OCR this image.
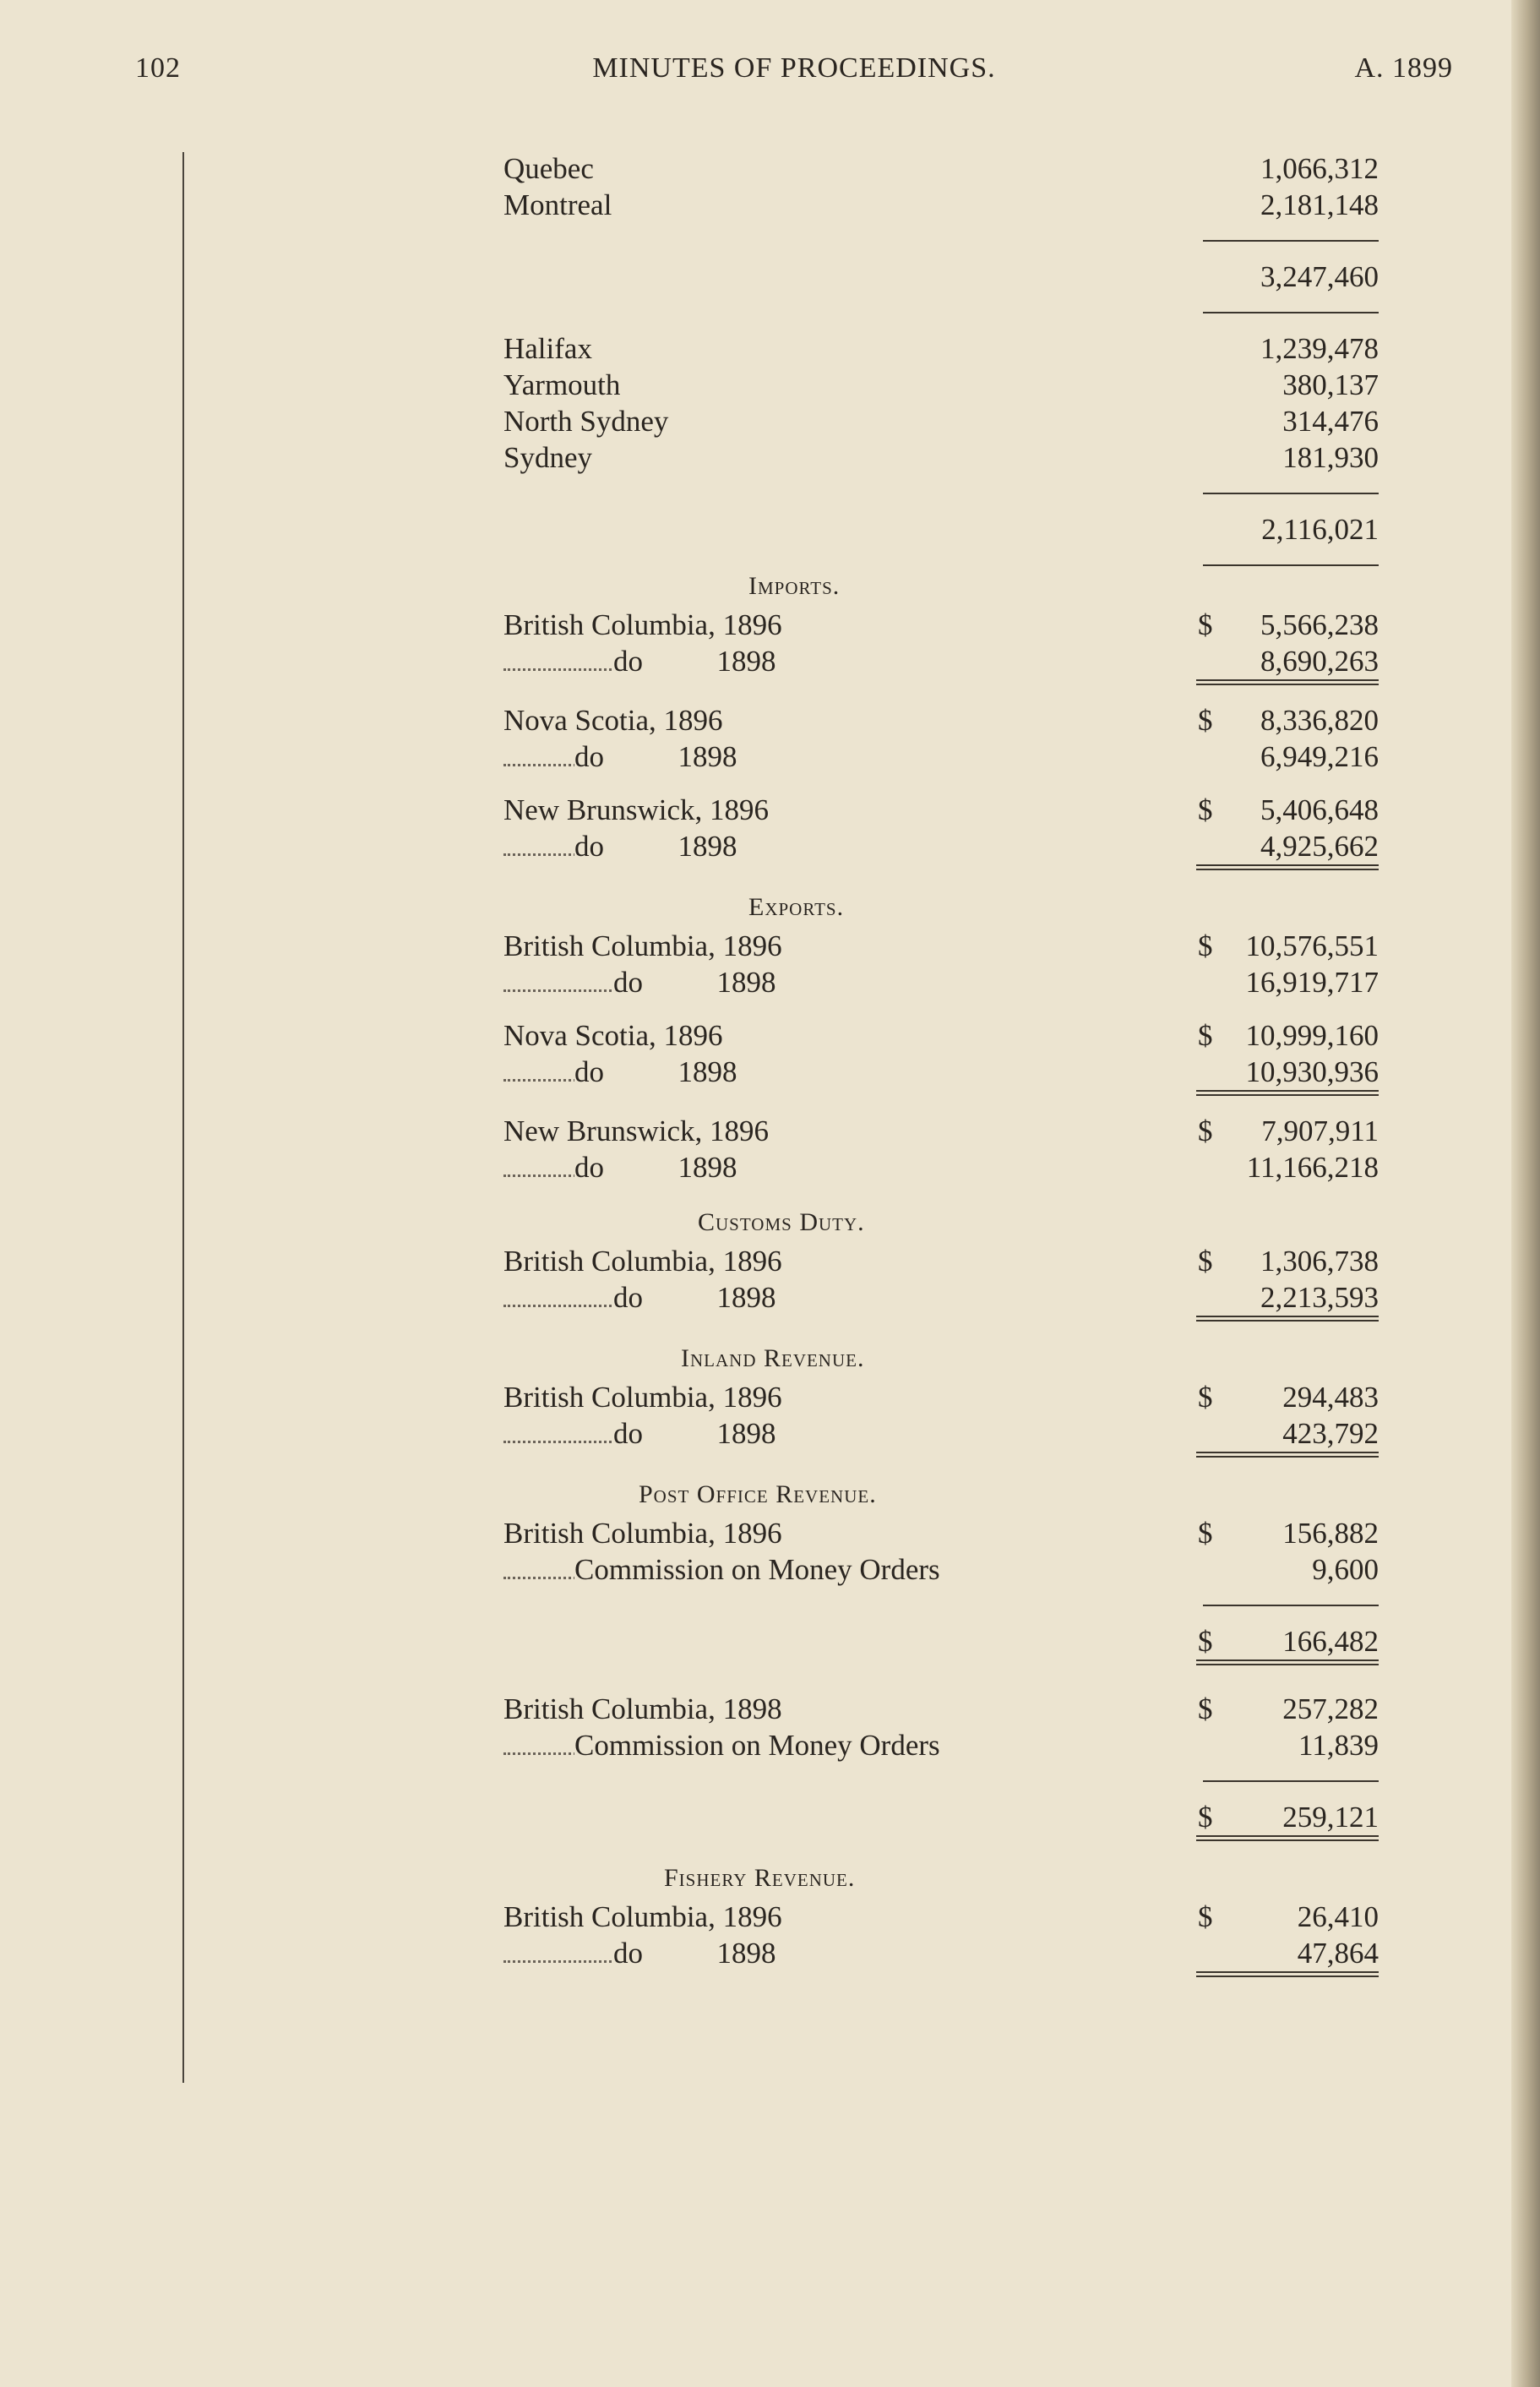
102	MINUTES OF PROCEEDINGS.	A. 1899
Quebec	1,066,312
Montreal	2,181,148
3,247,460
Halifax	1,239,478
Yarmouth	380,137
North Sydney	314,476
Sydney	181,930
2,116,021
Imports.
British Columbia, 1896	$ 5,566,238
do          1898	8,690,263
Nova Scotia, 1896	$ 8,336,820
do          1898	6,949,216
New Brunswick, 1896	$ 5,406,648
do          1898	4,925,662
Exports.
British Columbia, 1896	$ 10,576,551
do          1898	16,919,717
Nova Scotia, 1896	$ 10,999,160
do          1898	10,930,936
New Brunswick, 1896	$ 7,907,911
do          1898	11,166,218
Customs Duty.
British Columbia, 1896	$ 1,306,738
do          1898	2,213,593
Inland Revenue.
British Columbia, 1896	$ 294,483
do          1898	423,792
Post Office Revenue.
British Columbia, 1896	$ 156,882
Commission on Money Orders	9,600
$ 166,482
British Columbia, 1898	$ 257,282
Commission on Money Orders	11,839
$ 259,121
Fishery Revenue.
British Columbia, 1896	$	26,410
do          1898	47,864
